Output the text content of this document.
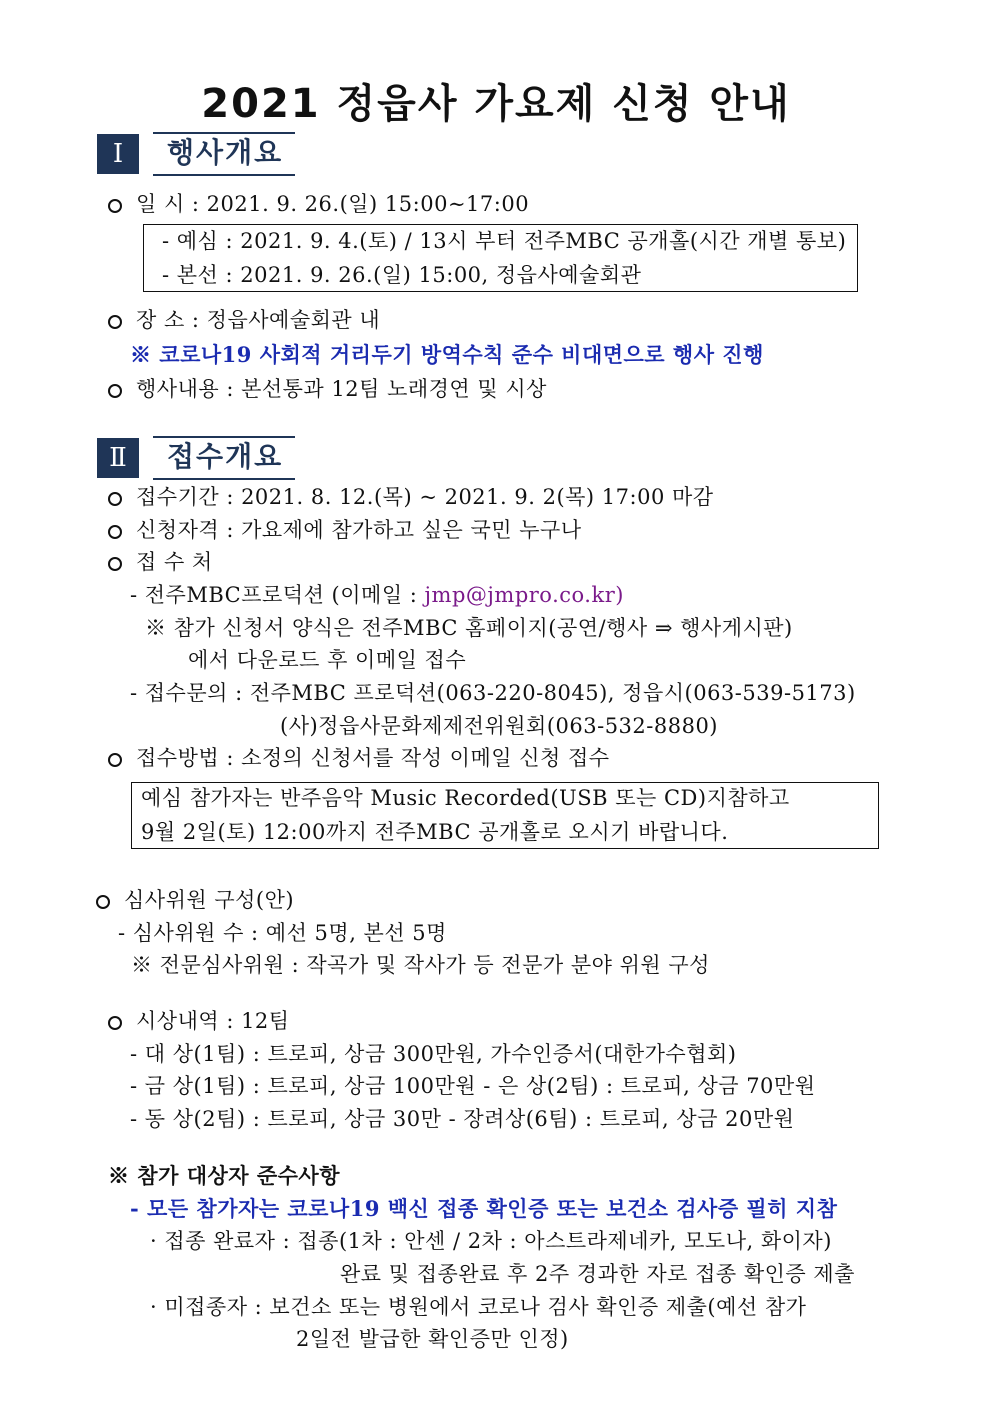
2021 정읍사 가요제 신청 안내
Ⅰ	행사개요
일 시 : 2021. 9. 26.(일) 15:00∼17:00
- 예심 : 2021. 9. 4.(토) / 13시 부터 전주MBC 공개홀(시간 개별 통보)
- 본선 : 2021. 9. 26.(일) 15:00, 정읍사예술회관
장 소 : 정읍사예술회관 내
※ 코로나19 사회적 거리두기 방역수칙 준수 비대면으로 행사 진행
행사내용 : 본선통과 12팀 노래경연 및 시상
Ⅱ	접수개요
접수기간 : 2021. 8. 12.(목) ~ 2021. 9. 2(목) 17:00 마감
신청자격 : 가요제에 참가하고 싶은 국민 누구나
접 수 처
- 전주MBC프로덕션 (이메일 : jmp@jmpro.co.kr)
※ 참가 신청서 양식은 전주MBC 홈페이지(공연/행사 ⇒ 행사게시판)
에서 다운로드 후 이메일 접수
- 접수문의 : 전주MBC 프로덕션(063-220-8045), 정읍시(063-539-5173)
(사)정읍사문화제제전위원회(063-532-8880)
접수방법 : 소정의 신청서를 작성 이메일 신청 접수
예심 참가자는 반주음악 Music Recorded(USB 또는 CD)지참하고
9월 2일(토) 12:00까지 전주MBC 공개홀로 오시기 바랍니다.
심사위원 구성(안)
- 심사위원 수 : 예선 5명, 본선 5명
※ 전문심사위원 : 작곡가 및 작사가 등 전문가 분야 위원 구성
시상내역 : 12팀
- 대 상(1팀) : 트로피, 상금 300만원, 가수인증서(대한가수협회)
- 금 상(1팀) : 트로피, 상금 100만원 - 은 상(2팀) : 트로피, 상금 70만원
- 동 상(2팀) : 트로피, 상금 30만 - 장려상(6팀) : 트로피, 상금 20만원
※ 참가 대상자 준수사항
- 모든 참가자는 코로나19 백신 접종 확인증 또는 보건소 검사증 필히 지참
· 접종 완료자 : 접종(1차 : 안센 / 2차 : 아스트라제네카, 모도나, 화이자)
완료 및 접종완료 후 2주 경과한 자로 접종 확인증 제출
· 미접종자 : 보건소 또는 병원에서 코로나 검사 확인증 제출(예선 참가
2일전 발급한 확인증만 인정)
